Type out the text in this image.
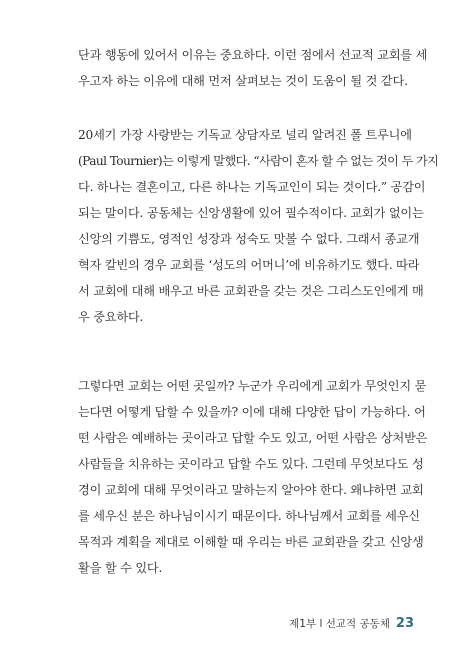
단과 행동에 있어서 이유는 중요하다. 이런 점에서 선교적 교회를 세
우고자 하는 이유에 대해 먼저 살펴보는 것이 도움이 될 것 같다.
20세기 가장 사랑받는 기독교 상담자로 널리 알려진 폴 트루니에
(Paul Tournier)는 이렇게 말했다. “사람이 혼자 할 수 없는 것이 두 가지
다. 하나는 결혼이고, 다른 하나는 기독교인이 되는 것이다.” 공감이
되는 말이다. 공동체는 신앙생활에 있어 필수적이다. 교회가 없이는
신앙의 기쁨도, 영적인 성장과 성숙도 맛볼 수 없다. 그래서 종교개
혁자 칼빈의 경우 교회를 ‘성도의 어머니’에 비유하기도 했다. 따라
서 교회에 대해 배우고 바른 교회관을 갖는 것은 그리스도인에게 매
우 중요하다.
그렇다면 교회는 어떤 곳일까? 누군가 우리에게 교회가 무엇인지 묻
는다면 어떻게 답할 수 있을까? 이에 대해 다양한 답이 가능하다. 어
떤 사람은 예배하는 곳이라고 답할 수도 있고, 어떤 사람은 상처받은
사람들을 치유하는 곳이라고 답할 수도 있다. 그런데 무엇보다도 성
경이 교회에 대해 무엇이라고 말하는지 알아야 한다. 왜냐하면 교회
를 세우신 분은 하나님이시기 때문이다. 하나님께서 교회를 세우신
목적과 계획을 제대로 이해할 때 우리는 바른 교회관을 갖고 신앙생
활을 할 수 있다.
제1부 l 선교적 공동체 23
